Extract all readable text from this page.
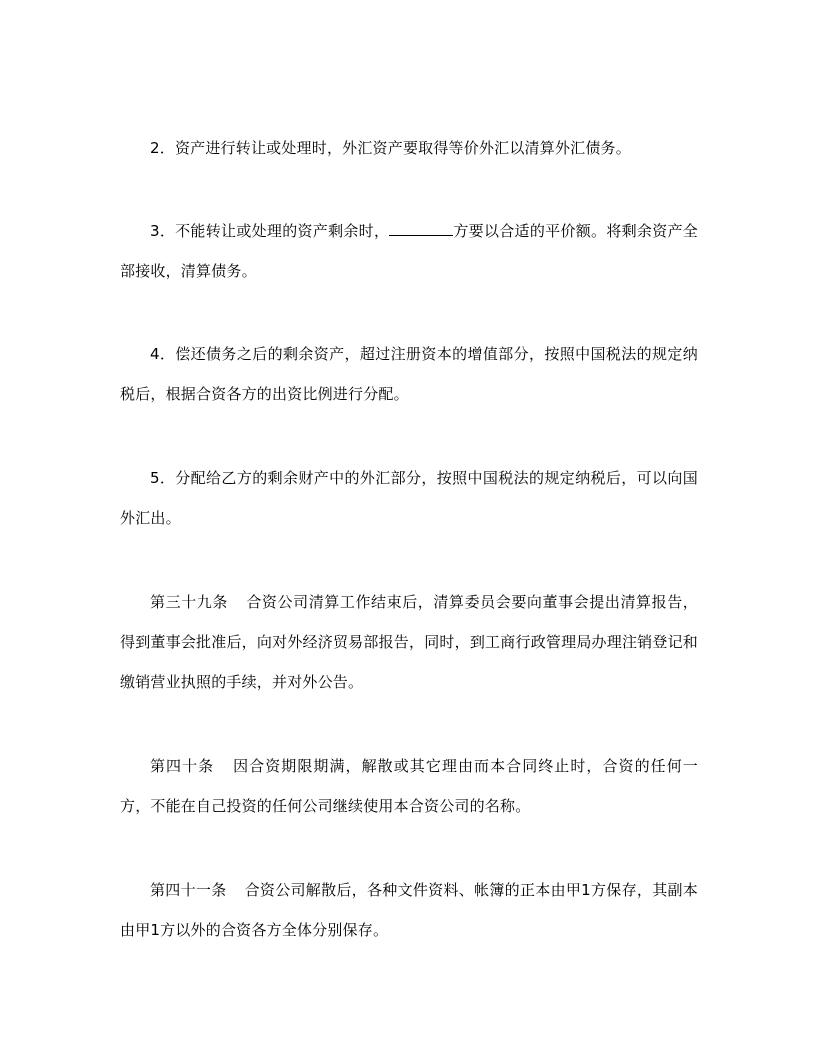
2．资产进行转让或处理时，外汇资产要取得等价外汇以清算外汇债务。

3．不能转让或处理的资产剩余时，	方要以合适的平价额。将剩余资产全部接收，清算债务。

4．偿还债务之后的剩余资产，超过注册资本的增值部分，按照中国税法的规定纳税后，根据合资各方的出资比例进行分配。

5．分配给乙方的剩余财产中的外汇部分，按照中国税法的规定纳税后，可以向国外汇出。

第三十九条 合资公司清算工作结束后，清算委员会要向董事会提出清算报告，得到董事会批准后，向对外经济贸易部报告，同时，到工商行政管理局办理注销登记和缴销营业执照的手续，并对外公告。

第四十条 因合资期限期满，解散或其它理由而本合同终止时，合资的任何一方，不能在自己投资的任何公司继续使用本合资公司的名称。

第四十一条 合资公司解散后，各种文件资料、帐簿的正本由甲1方保存，其副本由甲1方以外的合资各方全体分别保存。
